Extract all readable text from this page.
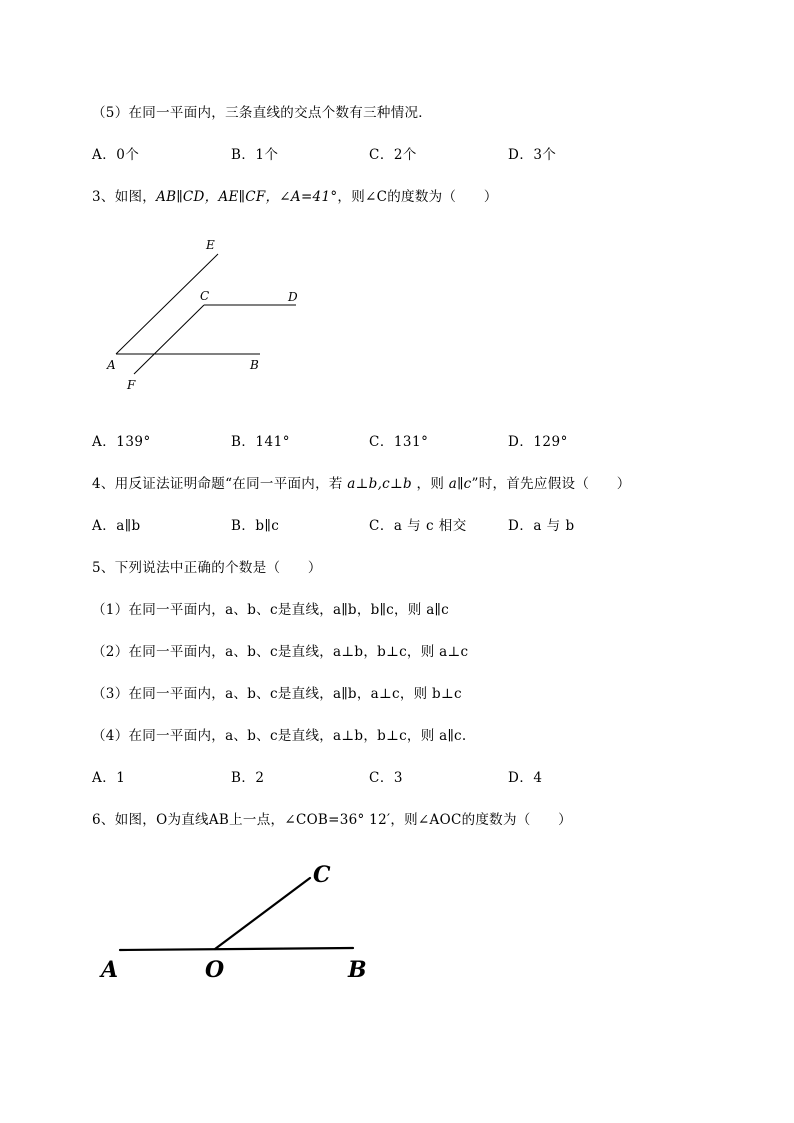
（5）在同一平面内，三条直线的交点个数有三种情况．
A．0个	B．1个	C．2个	D．3个
3、如图，AB∥CD，AE∥CF，∠A=41°，则∠C的度数为（　　）
E
C	D
A	B
F
A．139°	B．141°	C．131°	D．129°
4、用反证法证明命题“在同一平面内，若 a⊥b,c⊥b ，则 a∥c”时，首先应假设（　　）
A．a∥b	B．b∥c	C．a 与 c 相交	D．a 与 b
5、下列说法中正确的个数是（　　）
（1）在同一平面内，a、b、c是直线，a∥b，b∥c，则 a∥c
（2）在同一平面内，a、b、c是直线，a⊥b，b⊥c，则 a⊥c
（3）在同一平面内，a、b、c是直线，a∥b，a⊥c，则 b⊥c
（4）在同一平面内，a、b、c是直线，a⊥b，b⊥c，则 a∥c.
A．1	B．2	C．3	D．4
6、如图，O为直线AB上一点，∠COB=36° 12′，则∠AOC的度数为（　　）
A	O	B
C
